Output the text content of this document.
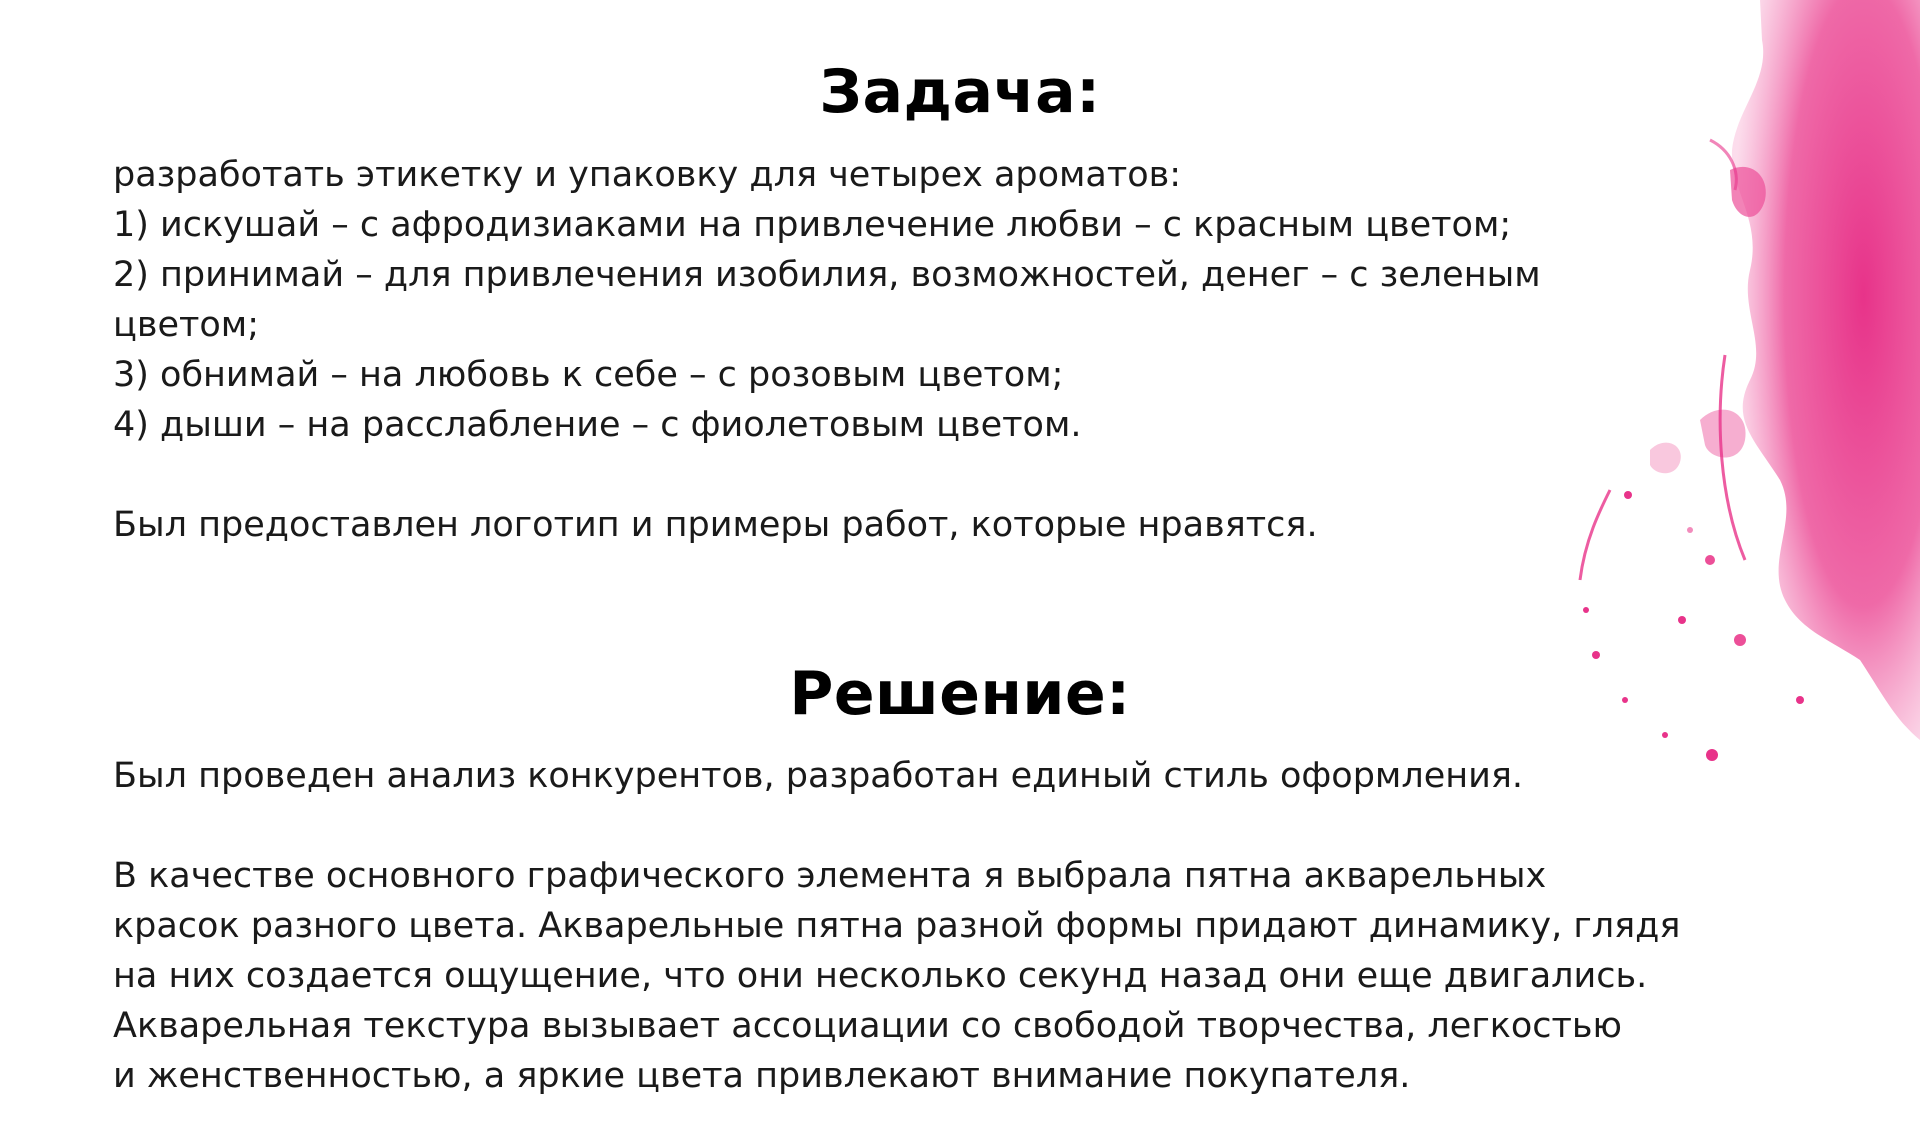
Задача:

разработать этикетку и упаковку для четырех ароматов:

1) искушай – с афродизиаками на привлечение любви – с красным цветом;

2) принимай – для привлечения изобилия, возможностей, денег – с зеленым

цветом;

3) обнимай – на любовь к себе – с розовым цветом;

4) дыши – на расслабление – с фиолетовым цветом.

Был предоставлен логотип и примеры работ, которые нравятся.

Решение:

Был проведен анализ конкурентов, разработан единый стиль оформления.

В качестве основного графического элемента я выбрала пятна акварельных

красок разного цвета. Акварельные пятна разной формы придают динамику, глядя

на них создается ощущение, что они несколько секунд назад они еще двигались.

Акварельная текстура вызывает ассоциации со свободой творчества, легкостью

и женственностью, а яркие цвета привлекают внимание покупателя.
